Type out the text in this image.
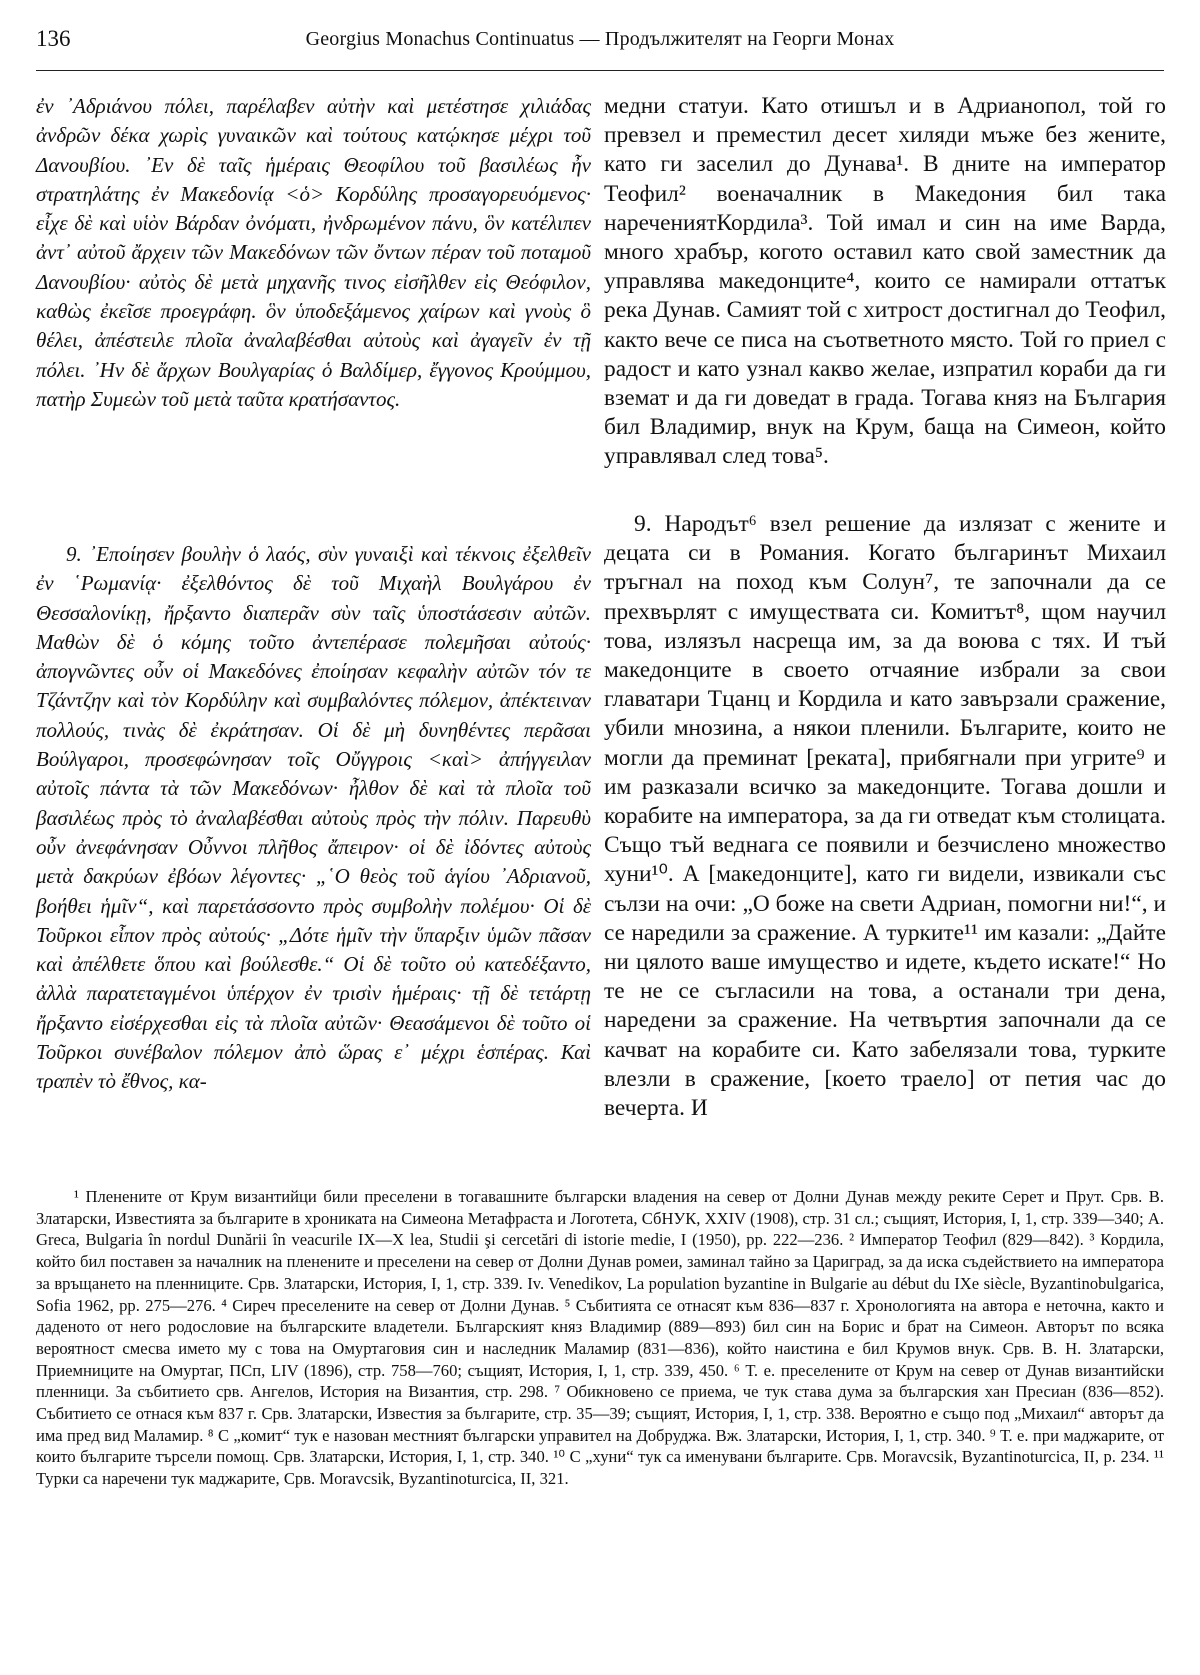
136	Georgius Monachus Continuatus — Продължителят на Георги Монах

ἐν ᾿Αδριάνου πόλει, παρέλαβεν αὐτὴν καὶ μετέστησε χιλιάδας ἀνδρῶν δέκα χωρὶς γυναικῶν καὶ τούτους κατῴκησε μέχρι τοῦ Δανουβίου. ᾿Εν δὲ ταῖς ἡμέραις Θεοφίλου τοῦ βασιλέως ἦν στρατηλάτης ἐν Μακεδονίᾳ <ὁ> Κορδύλης προσαγορευόμενος· εἶχε δὲ καὶ υἱὸν Βάρδαν ὀνόματι, ἠνδρωμένον πάνυ, ὃν κατέλιπεν ἀντ᾿ αὐτοῦ ἄρχειν τῶν Μακεδόνων τῶν ὄντων πέραν τοῦ ποταμοῦ Δανουβίου· αὐτὸς δὲ μετὰ μηχανῆς τινος εἰσῆλθεν εἰς Θεόφιλον, καθὼς ἐκεῖσε προεγράφη. ὃν ὑποδεξάμενος χαίρων καὶ γνοὺς ὃ θέλει, ἀπέστειλε πλοῖα ἀναλαβέσθαι αὐτοὺς καὶ ἀγαγεῖν ἐν τῇ πόλει. ᾿Ην δὲ ἄρχων Βουλγαρίας ὁ Βαλδίμερ, ἔγγονος Κρούμμου, πατὴρ Συμεὼν τοῦ μετὰ ταῦτα κρατήσαντος.

9. ᾿Εποίησεν βουλὴν ὁ λαός, σὺν γυναιξὶ καὶ τέκνοις ἐξελθεῖν ἐν ῾Ρωμανίᾳ· ἐξελθόντος δὲ τοῦ Μιχαὴλ Βουλγάρου ἐν Θεσσαλονίκῃ, ἤρξαντο διαπερᾶν σὺν ταῖς ὑποστάσεσιν αὐτῶν. Μαθὼν δὲ ὁ κόμης τοῦτο ἀντεπέρασε πολεμῆσαι αὐτούς· ἀπογνῶντες οὖν οἱ Μακεδόνες ἐποίησαν κεφαλὴν αὐτῶν τόν τε Τζάντζην καὶ τὸν Κορδύλην καὶ συμβαλόντες πόλεμον, ἀπέκτειναν πολλούς, τινὰς δὲ ἐκράτησαν. Οἱ δὲ μὴ δυνηθέντες περᾶσαι Βούλγαροι, προσεφώνησαν τοῖς Οὔγγροις <καὶ> ἀπήγγειλαν αὐτοῖς πάντα τὰ τῶν Μακεδόνων· ἦλθον δὲ καὶ τὰ πλοῖα τοῦ βασιλέως πρὸς τὸ ἀναλαβέσθαι αὐτοὺς πρὸς τὴν πόλιν. Παρευθὺ οὖν ἀνεφάνησαν Οὖννοι πλῆθος ἄπειρον· οἱ δὲ ἰδόντες αὐτοὺς μετὰ δακρύων ἐβόων λέγοντες· „῾Ο θεὸς τοῦ ἁγίου ᾿Αδριανοῦ, βοήθει ἡμῖν“, καὶ παρετάσσοντο πρὸς συμβολὴν πολέμου· Οἱ δὲ Τοῦρκοι εἶπον πρὸς αὐτούς· „Δότε ἡμῖν τὴν ὕπαρξιν ὑμῶν πᾶσαν καὶ ἀπέλθετε ὅπου καὶ βούλεσθε.“ Οἱ δὲ τοῦτο οὐ κατεδέξαντο, ἀλλὰ παρατεταγμένοι ὑπέρχον ἐν τρισὶν ἡμέραις· τῇ δὲ τετάρτῃ ἤρξαντο εἰσέρχεσθαι εἰς τὰ πλοῖα αὐτῶν· Θεασάμενοι δὲ τοῦτο οἱ Τοῦρκοι συνέβαλον πόλεμον ἀπὸ ὥρας ε᾿ μέχρι ἑσπέρας. Καὶ τραπὲν τὸ ἔθνος, κα-

медни статуи. Като отишъл и в Адрианопол, той го превзел и преместил десет хиляди мъже без жените, като ги заселил до Дунава¹. В дните на император Теофил² военачалник в Македония бил така наречениятКордила³. Той имал и син на име Варда, много храбър, когото оставил като свой заместник да управлява македонците⁴, които се намирали оттатък река Дунав. Самият той с хитрост достигнал до Теофил, както вече се писа на съответното място. Той го приел с радост и като узнал какво желае, изпратил кораби да ги вземат и да ги доведат в града. Тогава княз на България бил Владимир, внук на Крум, баща на Симеон, който управлявал след това⁵.

9. Народът⁶ взел решение да излязат с жените и децата си в Романия. Когато българинът Михаил тръгнал на поход към Солун⁷, те започнали да се прехвърлят с имуществата си. Комитът⁸, щом научил това, излязъл насреща им, за да воюва с тях. И тъй македонците в своето отчаяние избрали за свои главатари Тцанц и Кордила и като завързали сражение, убили мнозина, а някои пленили. Българите, които не могли да преминат [реката], прибягнали при угрите⁹ и им разказали всичко за македонците. Тогава дошли и корабите на императора, за да ги отведат към столицата. Също тъй веднага се появили и безчислено множество хуни¹⁰. А [македонците], като ги видели, извикали със сълзи на очи: „О боже на свети Адриан, помогни ни!“, и се наредили за сражение. А турките¹¹ им казали: „Дайте ни цялото ваше имущество и идете, където искате!“ Но те не се съгласили на това, а останали три дена, наредени за сражение. На четвъртия започнали да се качват на корабите си. Като забелязали това, турките влезли в сражение, [което траело] от петия час до вечерта. И

¹ Пленените от Крум византийци били преселени в тогавашните български владения на север от Долни Дунав между реките Серет и Прут. Срв. В. Златарски, Известията за българите в хрониката на Симеона Метафраста и Логотета, СбНУК, XXIV (1908), стр. 31 сл.; същият, История, I, 1, стр. 339—340; A. Greca, Bulgaria în nordul Dunării în veacurile IX—X lea, Studii şi cercetări di istorie medie, I (1950), pp. 222—236. ² Император Теофил (829—842). ³ Кордила, който бил поставен за началник на пленените и преселени на север от Долни Дунав ромеи, заминал тайно за Цариград, за да иска съдействието на императора за връщането на пленниците. Срв. Златарски, История, I, 1, стр. 339. Iv. Venedikov, La population byzantine in Bulgarie au début du IXe siècle, Byzantinobulgarica, Sofia 1962, pp. 275—276. ⁴ Сиреч преселените на север от Долни Дунав. ⁵ Събитията се отнасят към 836—837 г. Хронологията на автора е неточна, както и даденото от него родословие на българските владетели. Българският княз Владимир (889—893) бил син на Борис и брат на Симеон. Авторът по всяка вероятност смесва името му с това на Омуртаговия син и наследник Маламир (831—836), който наистина е бил Крумов внук. Срв. В. Н. Златарски, Приемниците на Омуртаг, ПСп, LIV (1896), стр. 758—760; същият, История, I, 1, стр. 339, 450. ⁶ Т. е. преселените от Крум на север от Дунав византийски пленници. За събитието срв. Ангелов, История на Византия, стр. 298. ⁷ Обикновено се приема, че тук става дума за българския хан Пресиан (836—852). Събитието се отнася към 837 г. Срв. Златарски, Известия за българите, стр. 35—39; същият, История, I, 1, стр. 338. Вероятно е също под „Михаил“ авторът да има пред вид Маламир. ⁸ С „комит“ тук е назован местният български управител на Добруджа. Вж. Златарски, История, I, 1, стр. 340. ⁹ Т. е. при маджарите, от които българите търсели помощ. Срв. Златарски, История, I, 1, стр. 340. ¹⁰ С „хуни“ тук са именувани българите. Срв. Moravcsik, Byzantinoturcica, II, p. 234. ¹¹ Турки са наречени тук маджарите, Срв. Moravcsik, Byzantinoturcica, II, 321.
